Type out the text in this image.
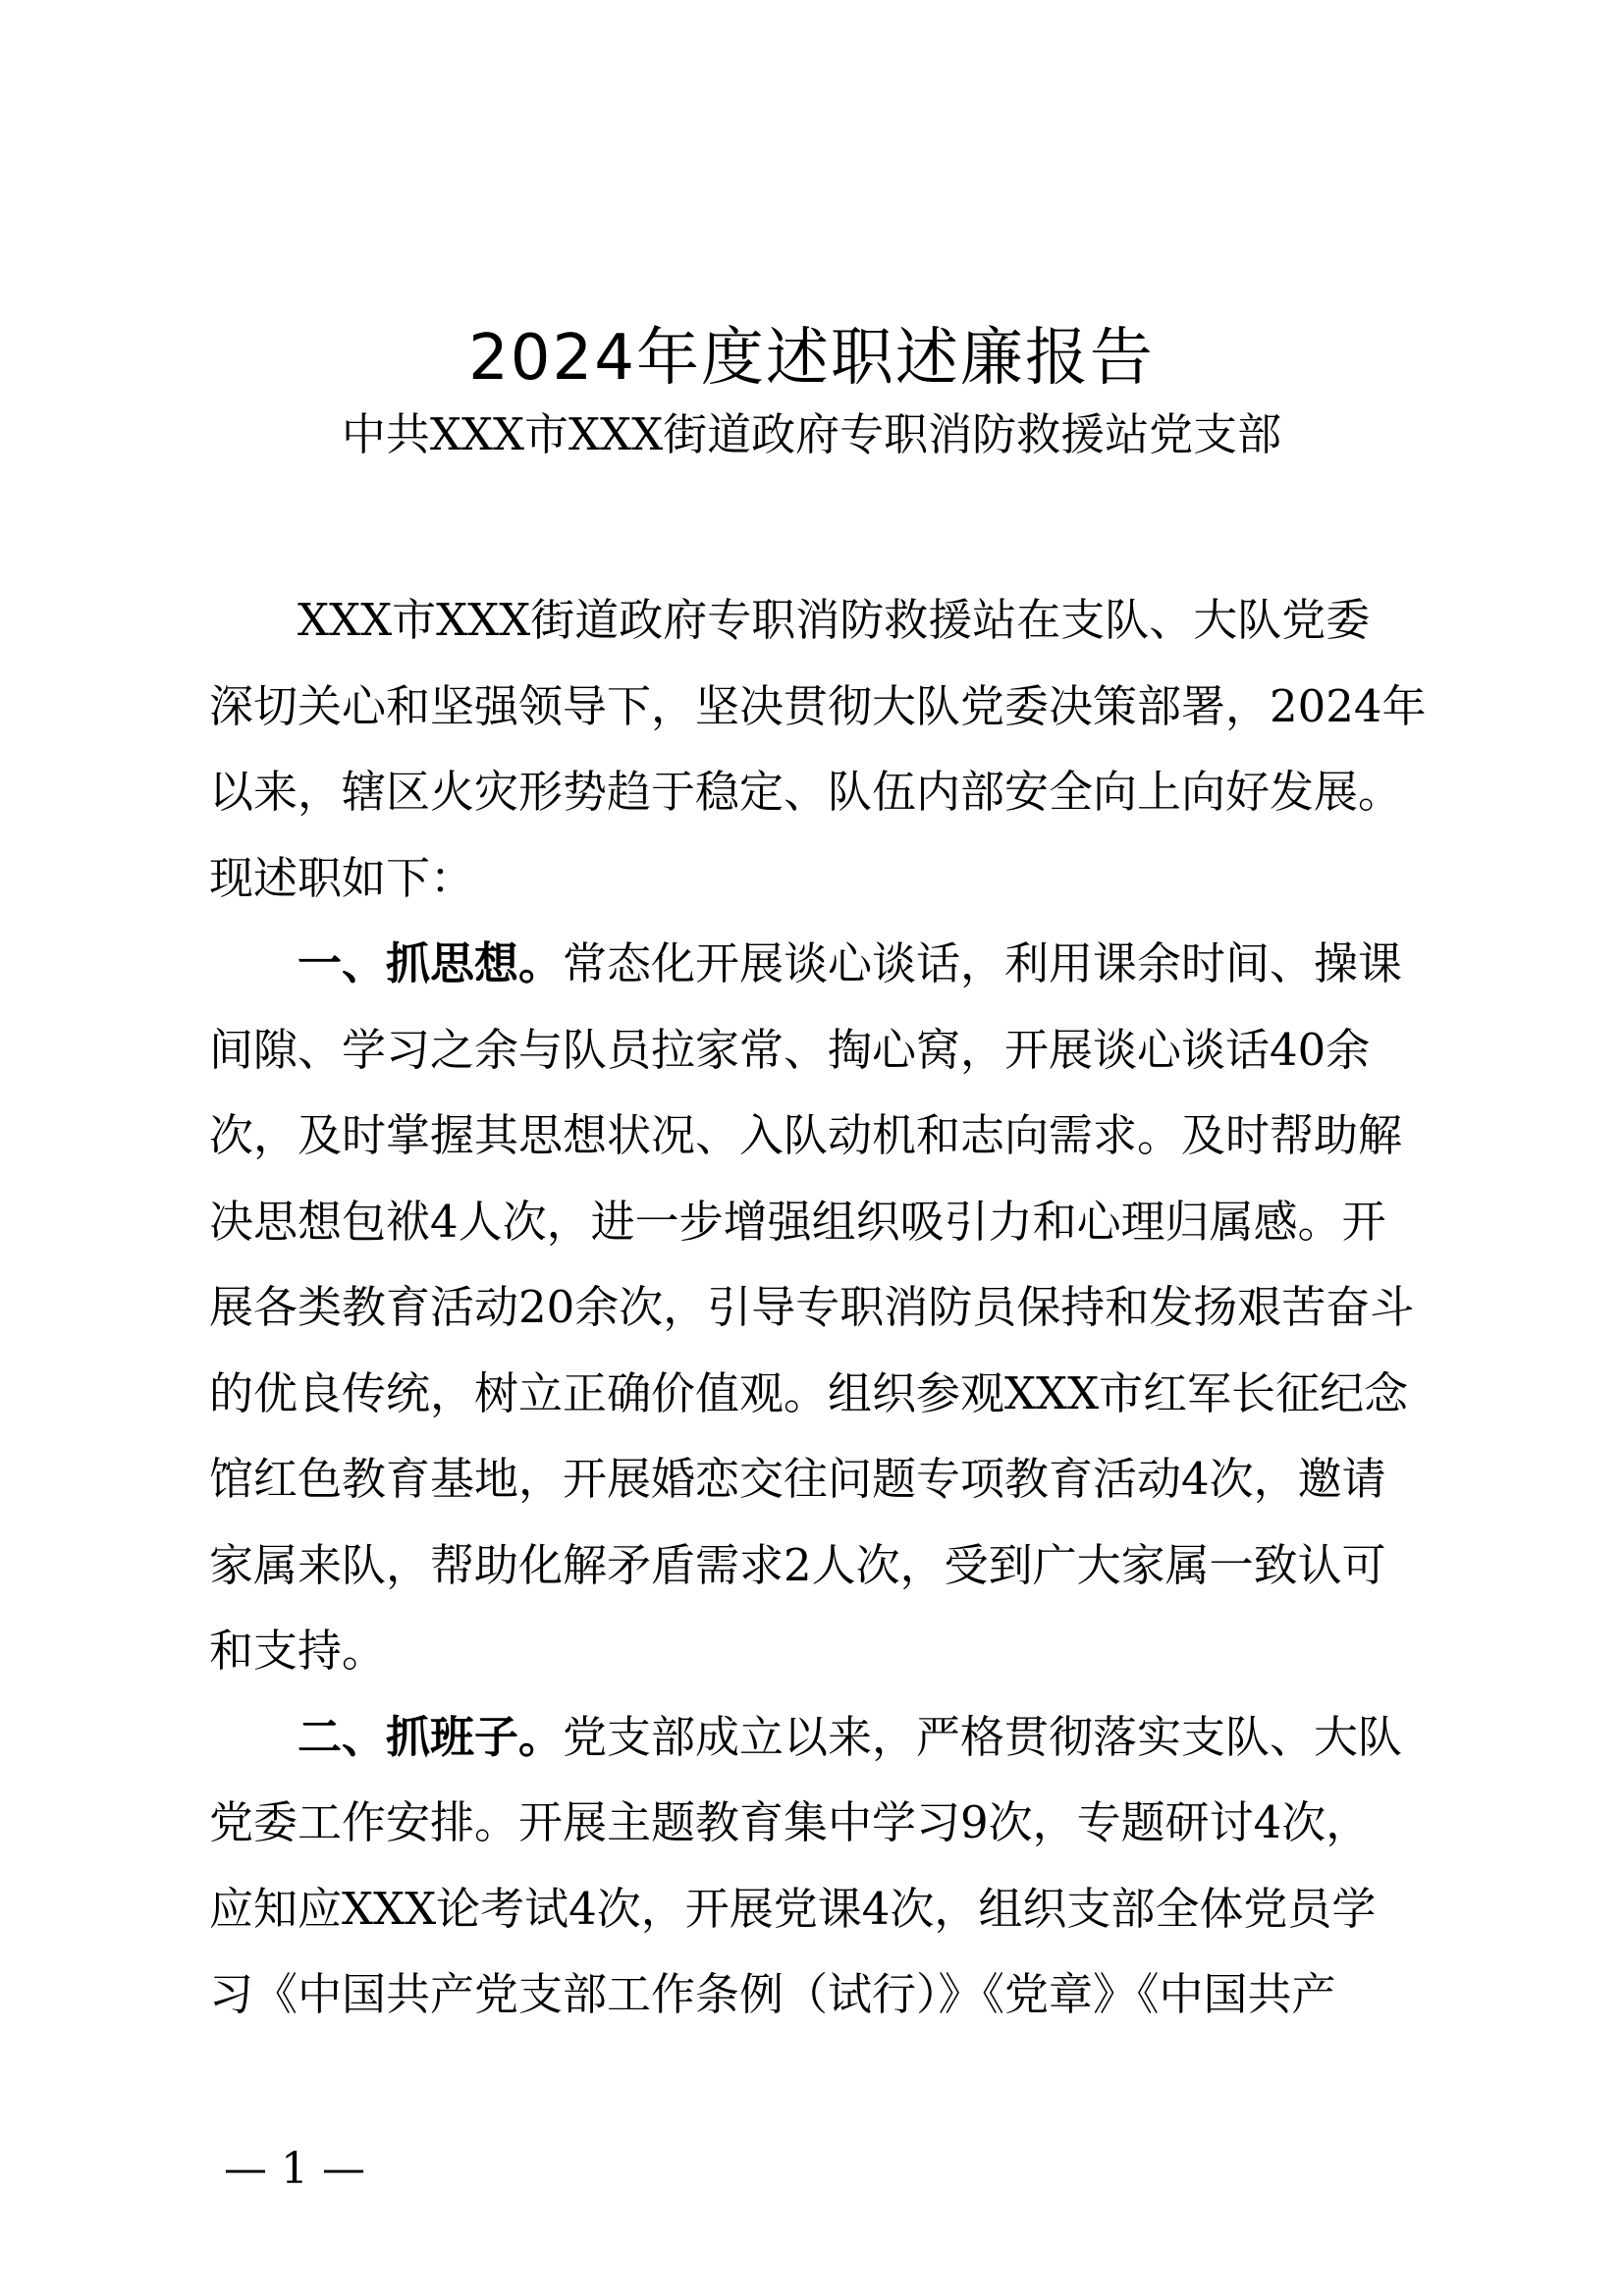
2024年度述职述廉报告
中共XXX市XXX街道政府专职消防救援站党支部
XXX市XXX街道政府专职消防救援站在支队、大队党委
深切关心和坚强领导下，坚决贯彻大队党委决策部署，2024年
以来，辖区火灾形势趋于稳定、队伍内部安全向上向好发展。
现述职如下：
一、抓思想。常态化开展谈心谈话，利用课余时间、操课
间隙、学习之余与队员拉家常、掏心窝，开展谈心谈话40余
次，及时掌握其思想状况、入队动机和志向需求。及时帮助解
决思想包袱4人次，进一步增强组织吸引力和心理归属感。开
展各类教育活动20余次，引导专职消防员保持和发扬艰苦奋斗
的优良传统，树立正确价值观。组织参观XXX市红军长征纪念
馆红色教育基地，开展婚恋交往问题专项教育活动4次，邀请
家属来队，帮助化解矛盾需求2人次，受到广大家属一致认可
和支持。
二、抓班子。党支部成立以来，严格贯彻落实支队、大队
党委工作安排。开展主题教育集中学习9次，专题研讨4次，
应知应XXX论考试4次，开展党课4次，组织支部全体党员学
习《中国共产党支部工作条例（试行）》《党章》《中国共产
— 1 —
